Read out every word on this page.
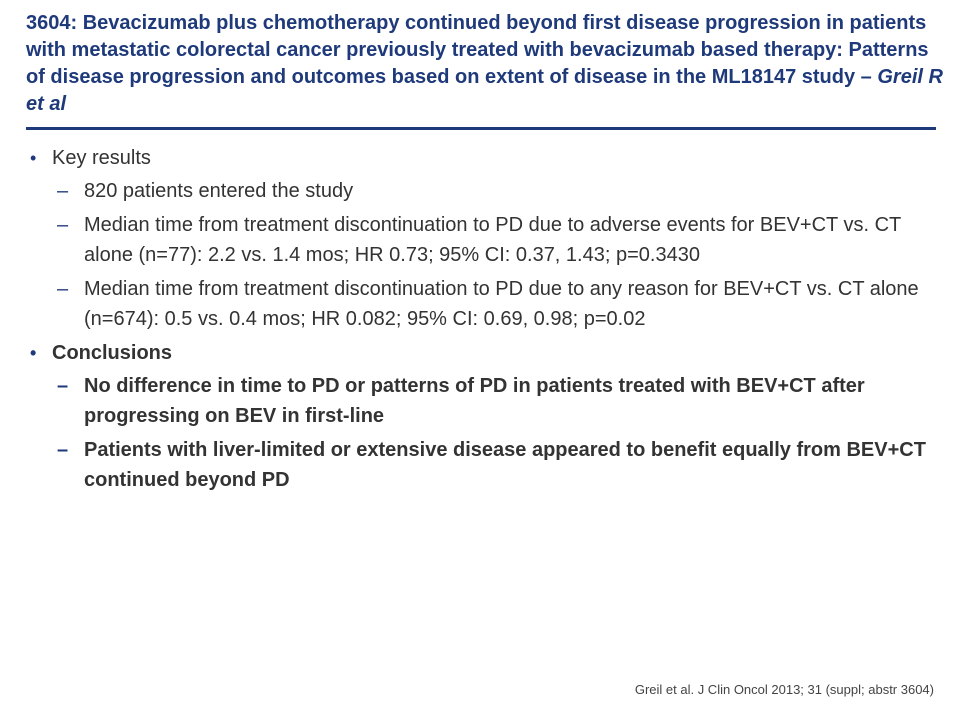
3604: Bevacizumab plus chemotherapy continued beyond first disease progression in patients with metastatic colorectal cancer previously treated with bevacizumab based therapy: Patterns of disease progression and outcomes based on extent of disease in the ML18147 study – Greil R et al
• Key results
– 820 patients entered the study
– Median time from treatment discontinuation to PD due to adverse events for BEV+CT vs. CT alone (n=77): 2.2 vs. 1.4 mos; HR 0.73; 95% CI: 0.37, 1.43; p=0.3430
– Median time from treatment discontinuation to PD due to any reason for BEV+CT vs. CT alone (n=674): 0.5 vs. 0.4 mos; HR 0.082; 95% CI: 0.69, 0.98; p=0.02
• Conclusions
– No difference in time to PD or patterns of PD in patients treated with BEV+CT after progressing on BEV in first-line
– Patients with liver-limited or extensive disease appeared to benefit equally from BEV+CT continued beyond PD
Greil et al. J Clin Oncol 2013; 31 (suppl; abstr 3604)
